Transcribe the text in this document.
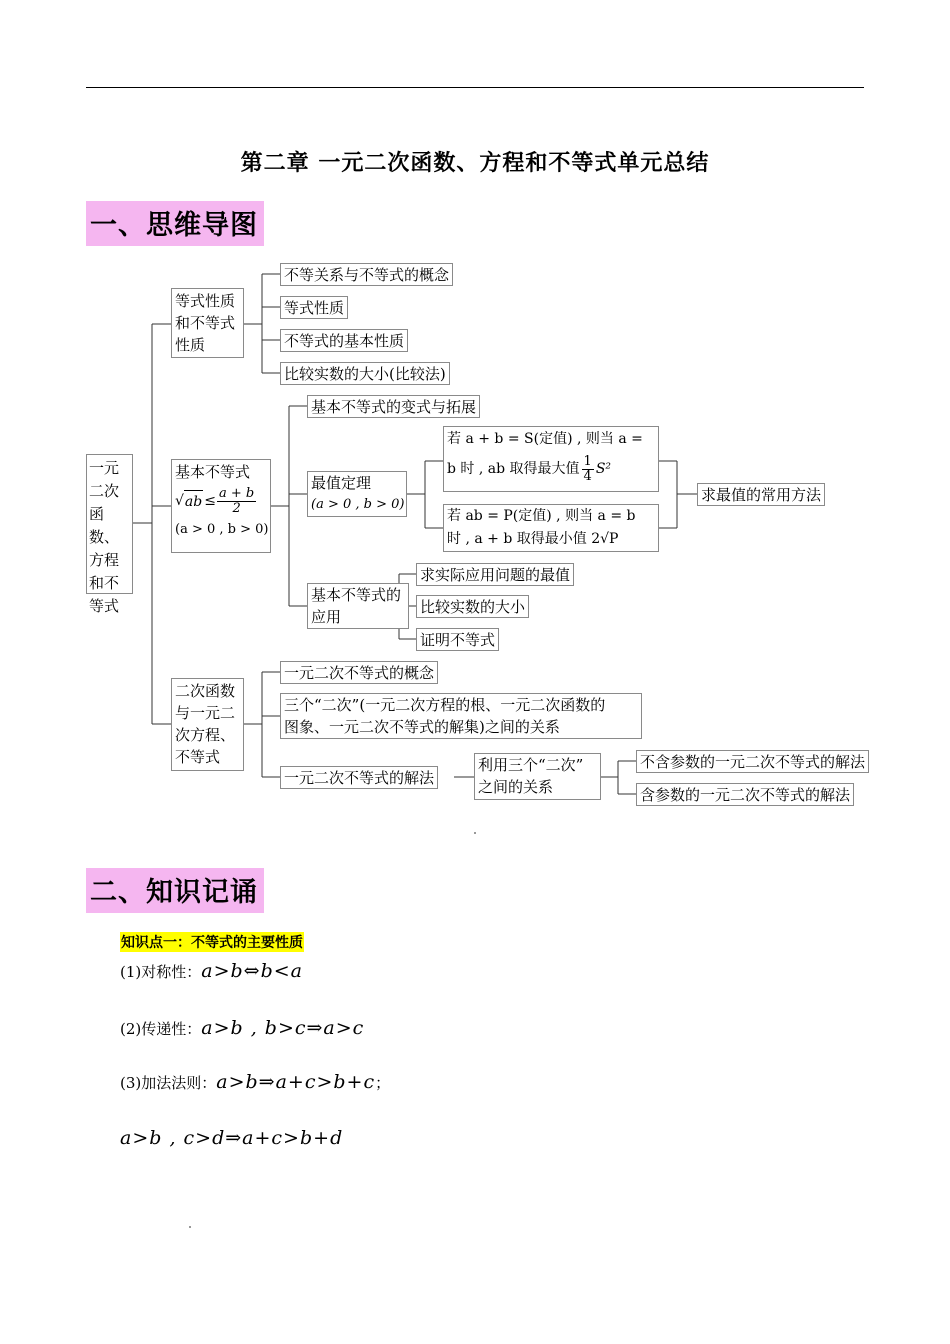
第二章 一元二次函数、方程和不等式单元总结
一、思维导图
一元二次函数、方程和不等式
等式性质和不等式性质
不等关系与不等式的概念
等式性质
不等式的基本性质
比较实数的大小(比较法)
基本不等式
√ ab ≤ $\frac{a + b}{2}$
(a > 0 , b > 0)
基本不等式的变式与拓展
最值定理
(a > 0 , b > 0)
若 a + b = S(定值) , 则当 a =
b 时 , ab 取得最大值 $\frac{1}{4} S^2$
若 ab = P(定值) , 则当 a = b
时 , a + b 取得最小值 2√P
求最值的常用方法
基本不等式的应用
求实际应用问题的最值
比较实数的大小
证明不等式
二次函数与一元二次方程、不等式
一元二次不等式的概念
三个“二次”(一元二次方程的根、一元二次函数的
图象、一元二次不等式的解集)之间的关系
一元二次不等式的解法
利用三个“二次”
之间的关系
不含参数的一元二次不等式的解法
含参数的一元二次不等式的解法
二、知识记诵
知识点一：不等式的主要性质
(1)对称性： a>b⇔b<a
(2)传递性： a>b , b>c⇒a>c
(3)加法法则： a>b⇒a+c>b+c ；
a>b , c>d⇒a+c>b+d
